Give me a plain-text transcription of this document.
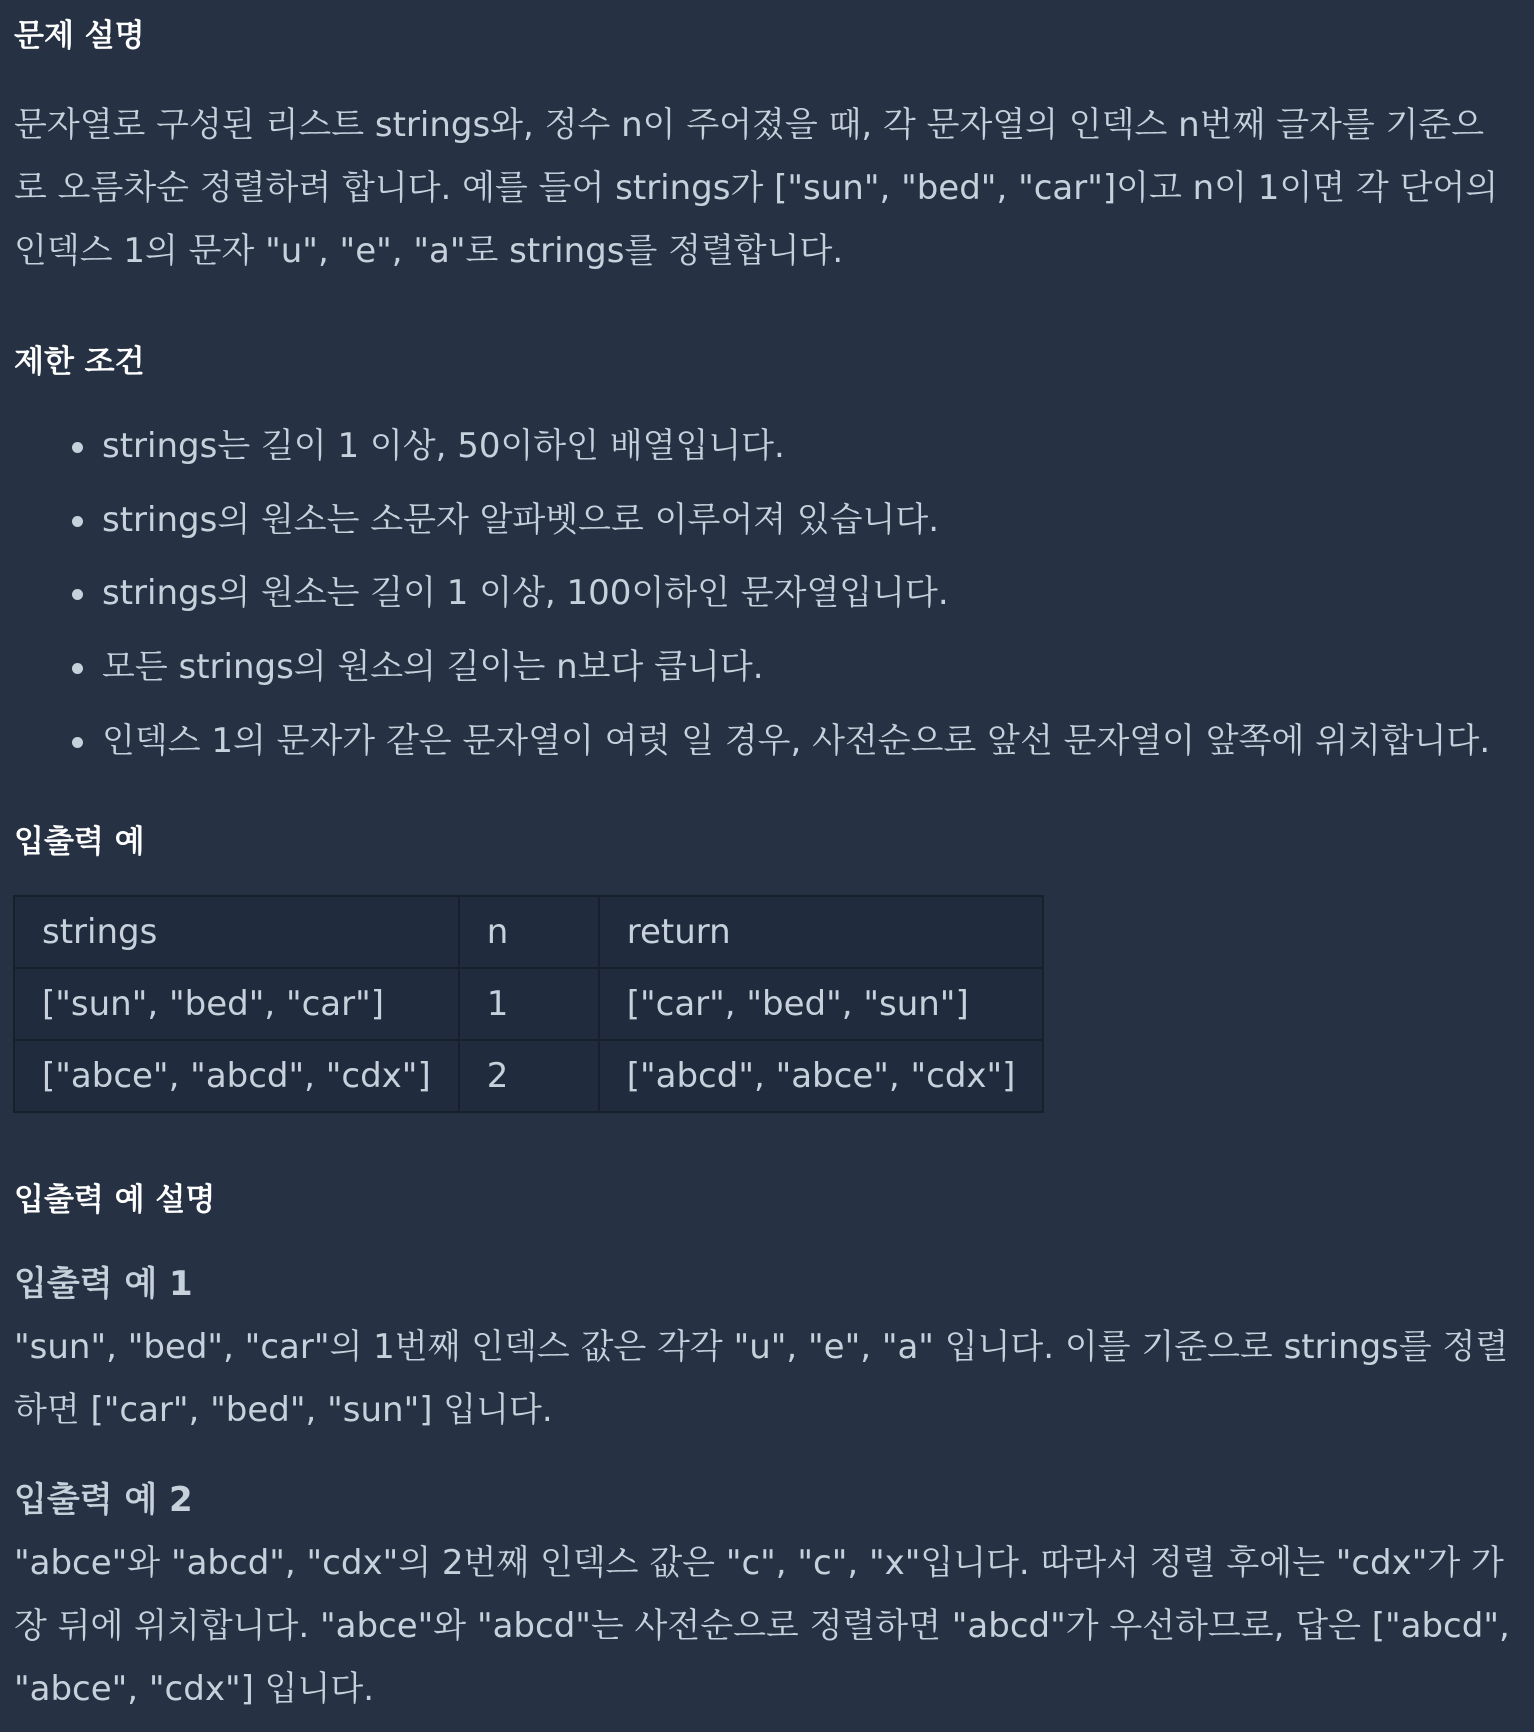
문제 설명

문자열로 구성된 리스트 strings와, 정수 n이 주어졌을 때, 각 문자열의 인덱스 n번째 글자를 기준으로 오름차순 정렬하려 합니다. 예를 들어 strings가 ["sun", "bed", "car"]이고 n이 1이면 각 단어의 인덱스 1의 문자 "u", "e", "a"로 strings를 정렬합니다.

제한 조건
strings는 길이 1 이상, 50이하인 배열입니다.
strings의 원소는 소문자 알파벳으로 이루어져 있습니다.
strings의 원소는 길이 1 이상, 100이하인 문자열입니다.
모든 strings의 원소의 길이는 n보다 큽니다.
인덱스 1의 문자가 같은 문자열이 여럿 일 경우, 사전순으로 앞선 문자열이 앞쪽에 위치합니다.
입출력 예
strings	n	return
["sun", "bed", "car"]	1	["car", "bed", "sun"]
["abce", "abcd", "cdx"]	2	["abcd", "abce", "cdx"]
입출력 예 설명
입출력 예 1

"sun", "bed", "car"의 1번째 인덱스 값은 각각 "u", "e", "a" 입니다. 이를 기준으로 strings를 정렬하면 ["car", "bed", "sun"] 입니다.

입출력 예 2

"abce"와 "abcd", "cdx"의 2번째 인덱스 값은 "c", "c", "x"입니다. 따라서 정렬 후에는 "cdx"가 가장 뒤에 위치합니다. "abce"와 "abcd"는 사전순으로 정렬하면 "abcd"가 우선하므로, 답은 ["abcd", "abce", "cdx"] 입니다.
